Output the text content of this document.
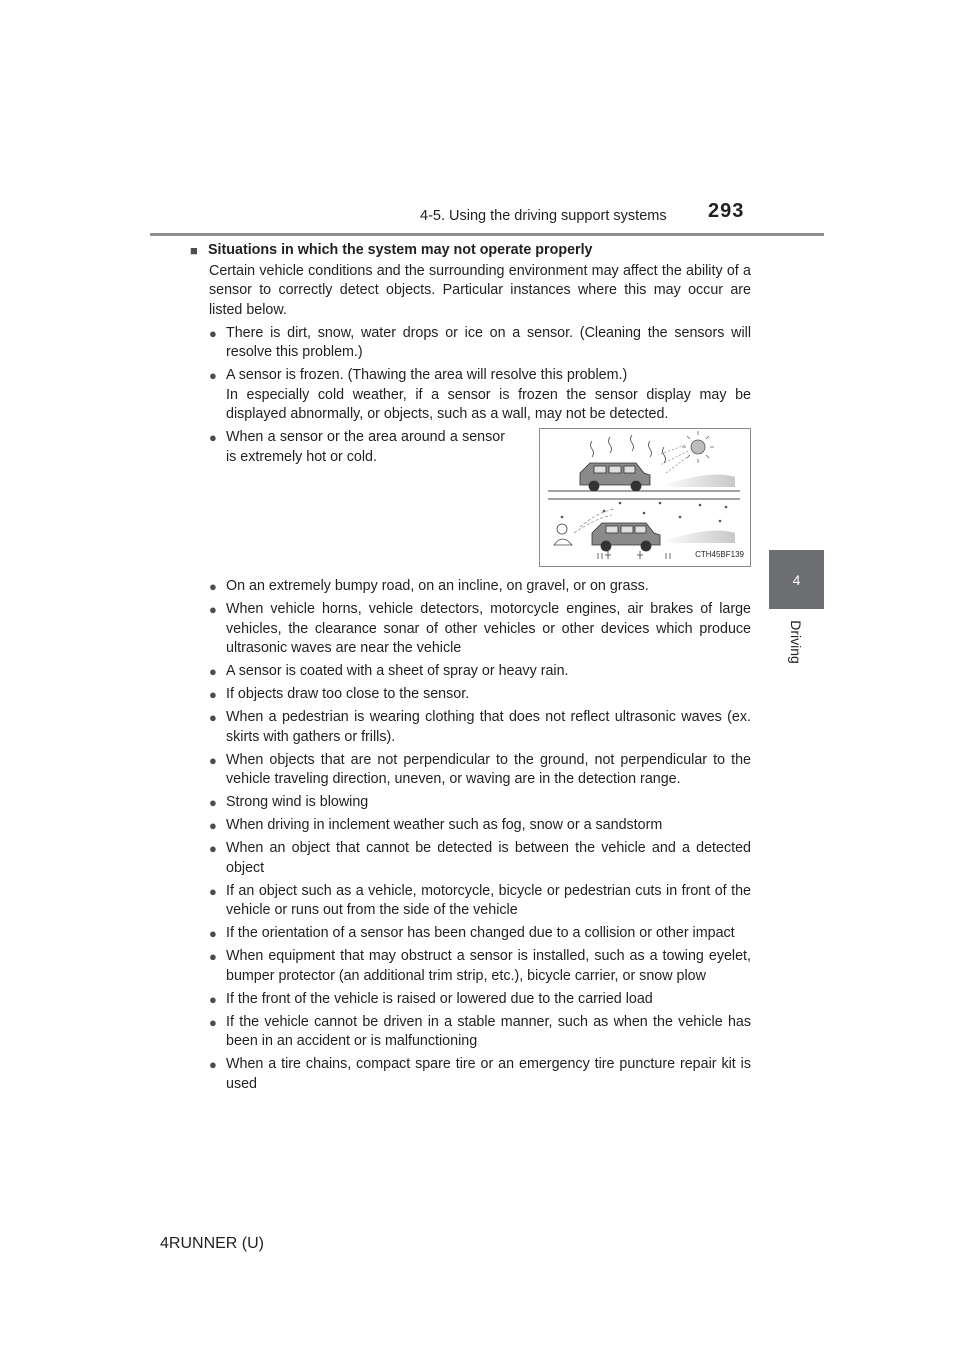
4-5. Using the driving support systems 293
4
Driving
■ Situations in which the system may not operate properly

Certain vehicle conditions and the surrounding environment may affect the ability of a sensor to correctly detect objects. Particular instances where this may occur are listed below.

● There is dirt, snow, water drops or ice on a sensor. (Cleaning the sensors will resolve this problem.)
● A sensor is frozen. (Thawing the area will resolve this problem.)
In especially cold weather, if a sensor is frozen the sensor display may be displayed abnormally, or objects, such as a wall, may not be detected.
● When a sensor or the area around a sensor is extremely hot or cold.
CTH45BF139
● On an extremely bumpy road, on an incline, on gravel, or on grass.
● When vehicle horns, vehicle detectors, motorcycle engines, air brakes of large vehicles, the clearance sonar of other vehicles or other devices which produce ultrasonic waves are near the vehicle
● A sensor is coated with a sheet of spray or heavy rain.
● If objects draw too close to the sensor.
● When a pedestrian is wearing clothing that does not reflect ultrasonic waves (ex. skirts with gathers or frills).
● When objects that are not perpendicular to the ground, not perpendicular to the vehicle traveling direction, uneven, or waving are in the detection range.
● Strong wind is blowing
● When driving in inclement weather such as fog, snow or a sandstorm
● When an object that cannot be detected is between the vehicle and a detected object
● If an object such as a vehicle, motorcycle, bicycle or pedestrian cuts in front of the vehicle or runs out from the side of the vehicle
● If the orientation of a sensor has been changed due to a collision or other impact
● When equipment that may obstruct a sensor is installed, such as a towing eyelet, bumper protector (an additional trim strip, etc.), bicycle carrier, or snow plow
● If the front of the vehicle is raised or lowered due to the carried load
● If the vehicle cannot be driven in a stable manner, such as when the vehicle has been in an accident or is malfunctioning
● When a tire chains, compact spare tire or an emergency tire puncture repair kit is used
4RUNNER (U)
